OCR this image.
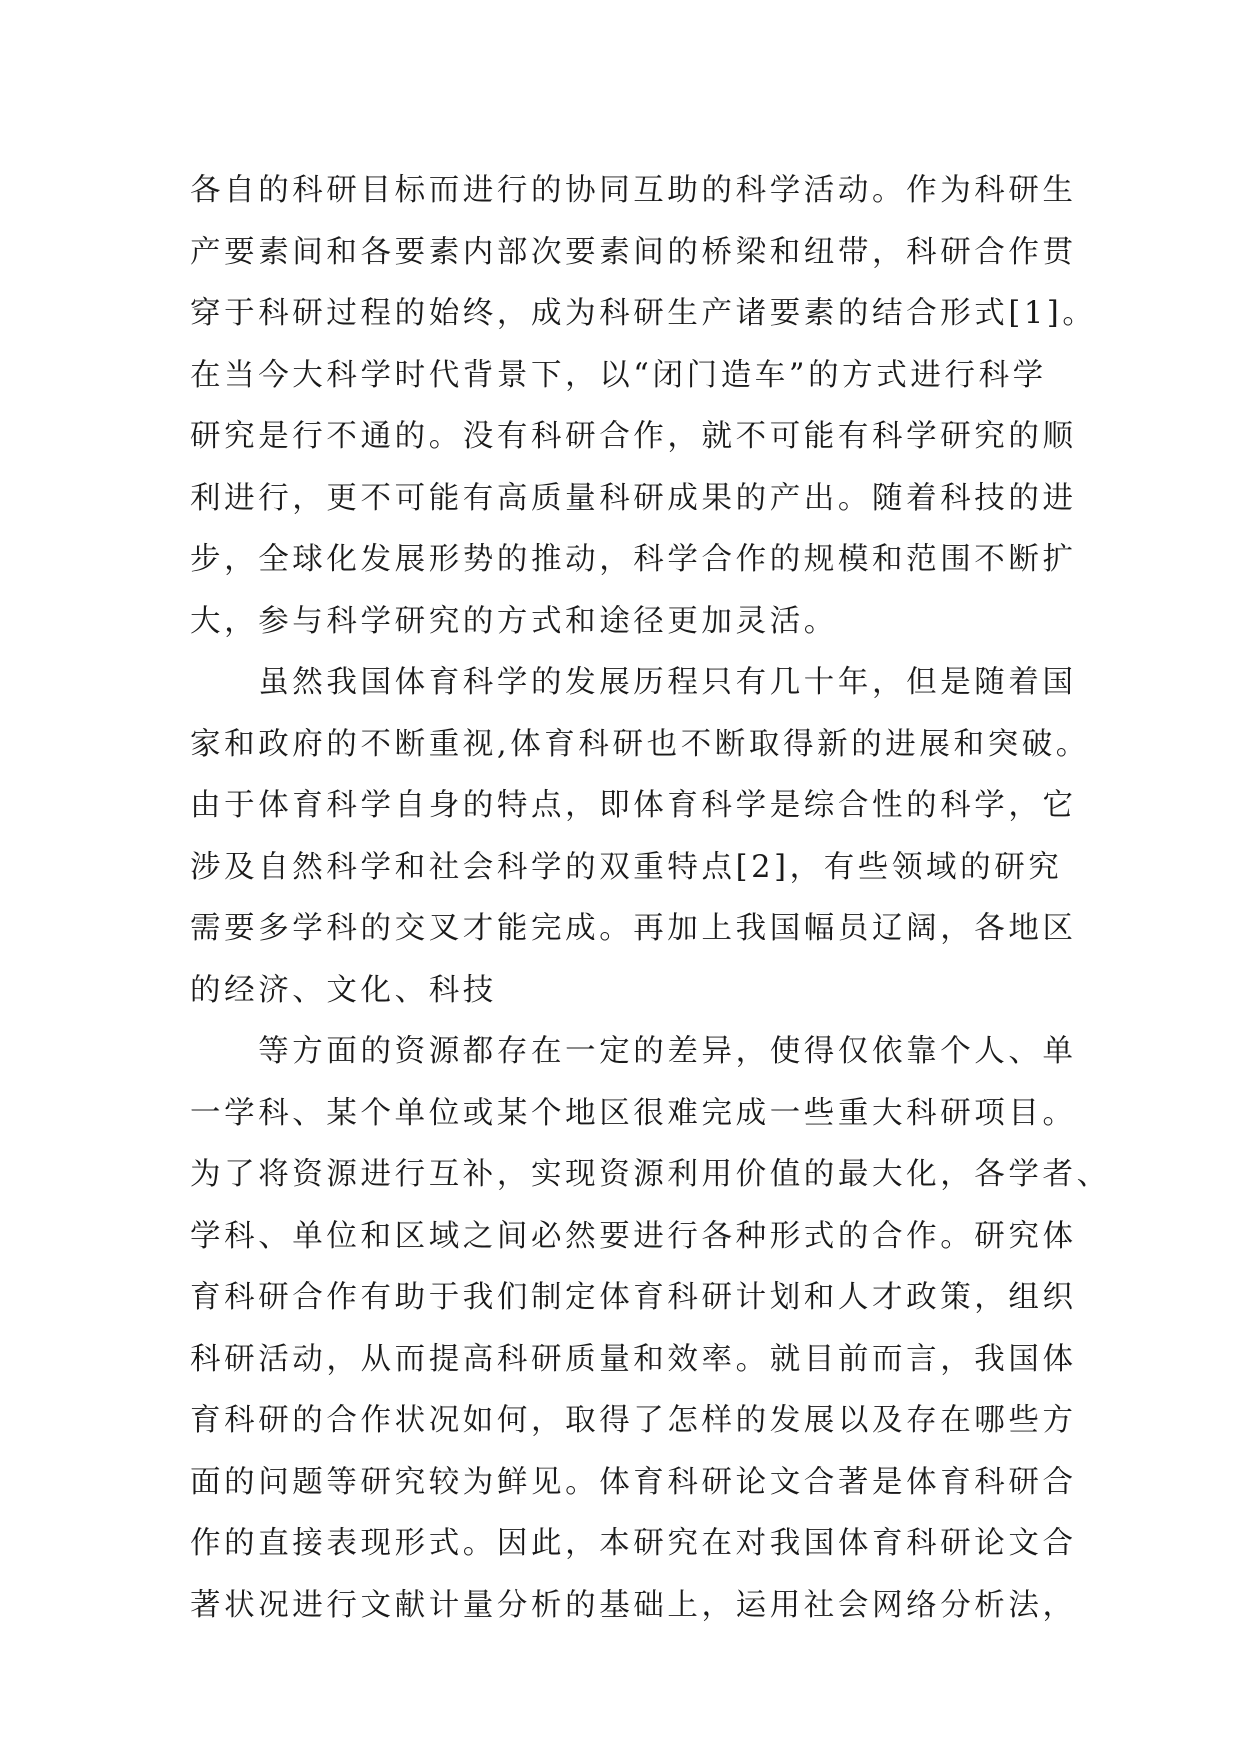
各自的科研目标而进行的协同互助的科学活动。作为科研生
产要素间和各要素内部次要素间的桥梁和纽带，科研合作贯
穿于科研过程的始终，成为科研生产诸要素的结合形式[1]。
在当今大科学时代背景下，以“闭门造车”的方式进行科学
研究是行不通的。没有科研合作，就不可能有科学研究的顺
利进行，更不可能有高质量科研成果的产出。随着科技的进
步，全球化发展形势的推动，科学合作的规模和范围不断扩
大，参与科学研究的方式和途径更加灵活。
　　虽然我国体育科学的发展历程只有几十年，但是随着国
家和政府的不断重视,体育科研也不断取得新的进展和突破。
由于体育科学自身的特点，即体育科学是综合性的科学，它
涉及自然科学和社会科学的双重特点[2]，有些领域的研究
需要多学科的交叉才能完成。再加上我国幅员辽阔，各地区
的经济、文化、科技
　　等方面的资源都存在一定的差异，使得仅依靠个人、单
一学科、某个单位或某个地区很难完成一些重大科研项目。
为了将资源进行互补，实现资源利用价值的最大化，各学者、
学科、单位和区域之间必然要进行各种形式的合作。研究体
育科研合作有助于我们制定体育科研计划和人才政策，组织
科研活动，从而提高科研质量和效率。就目前而言，我国体
育科研的合作状况如何，取得了怎样的发展以及存在哪些方
面的问题等研究较为鲜见。体育科研论文合著是体育科研合
作的直接表现形式。因此，本研究在对我国体育科研论文合
著状况进行文献计量分析的基础上，运用社会网络分析法，
